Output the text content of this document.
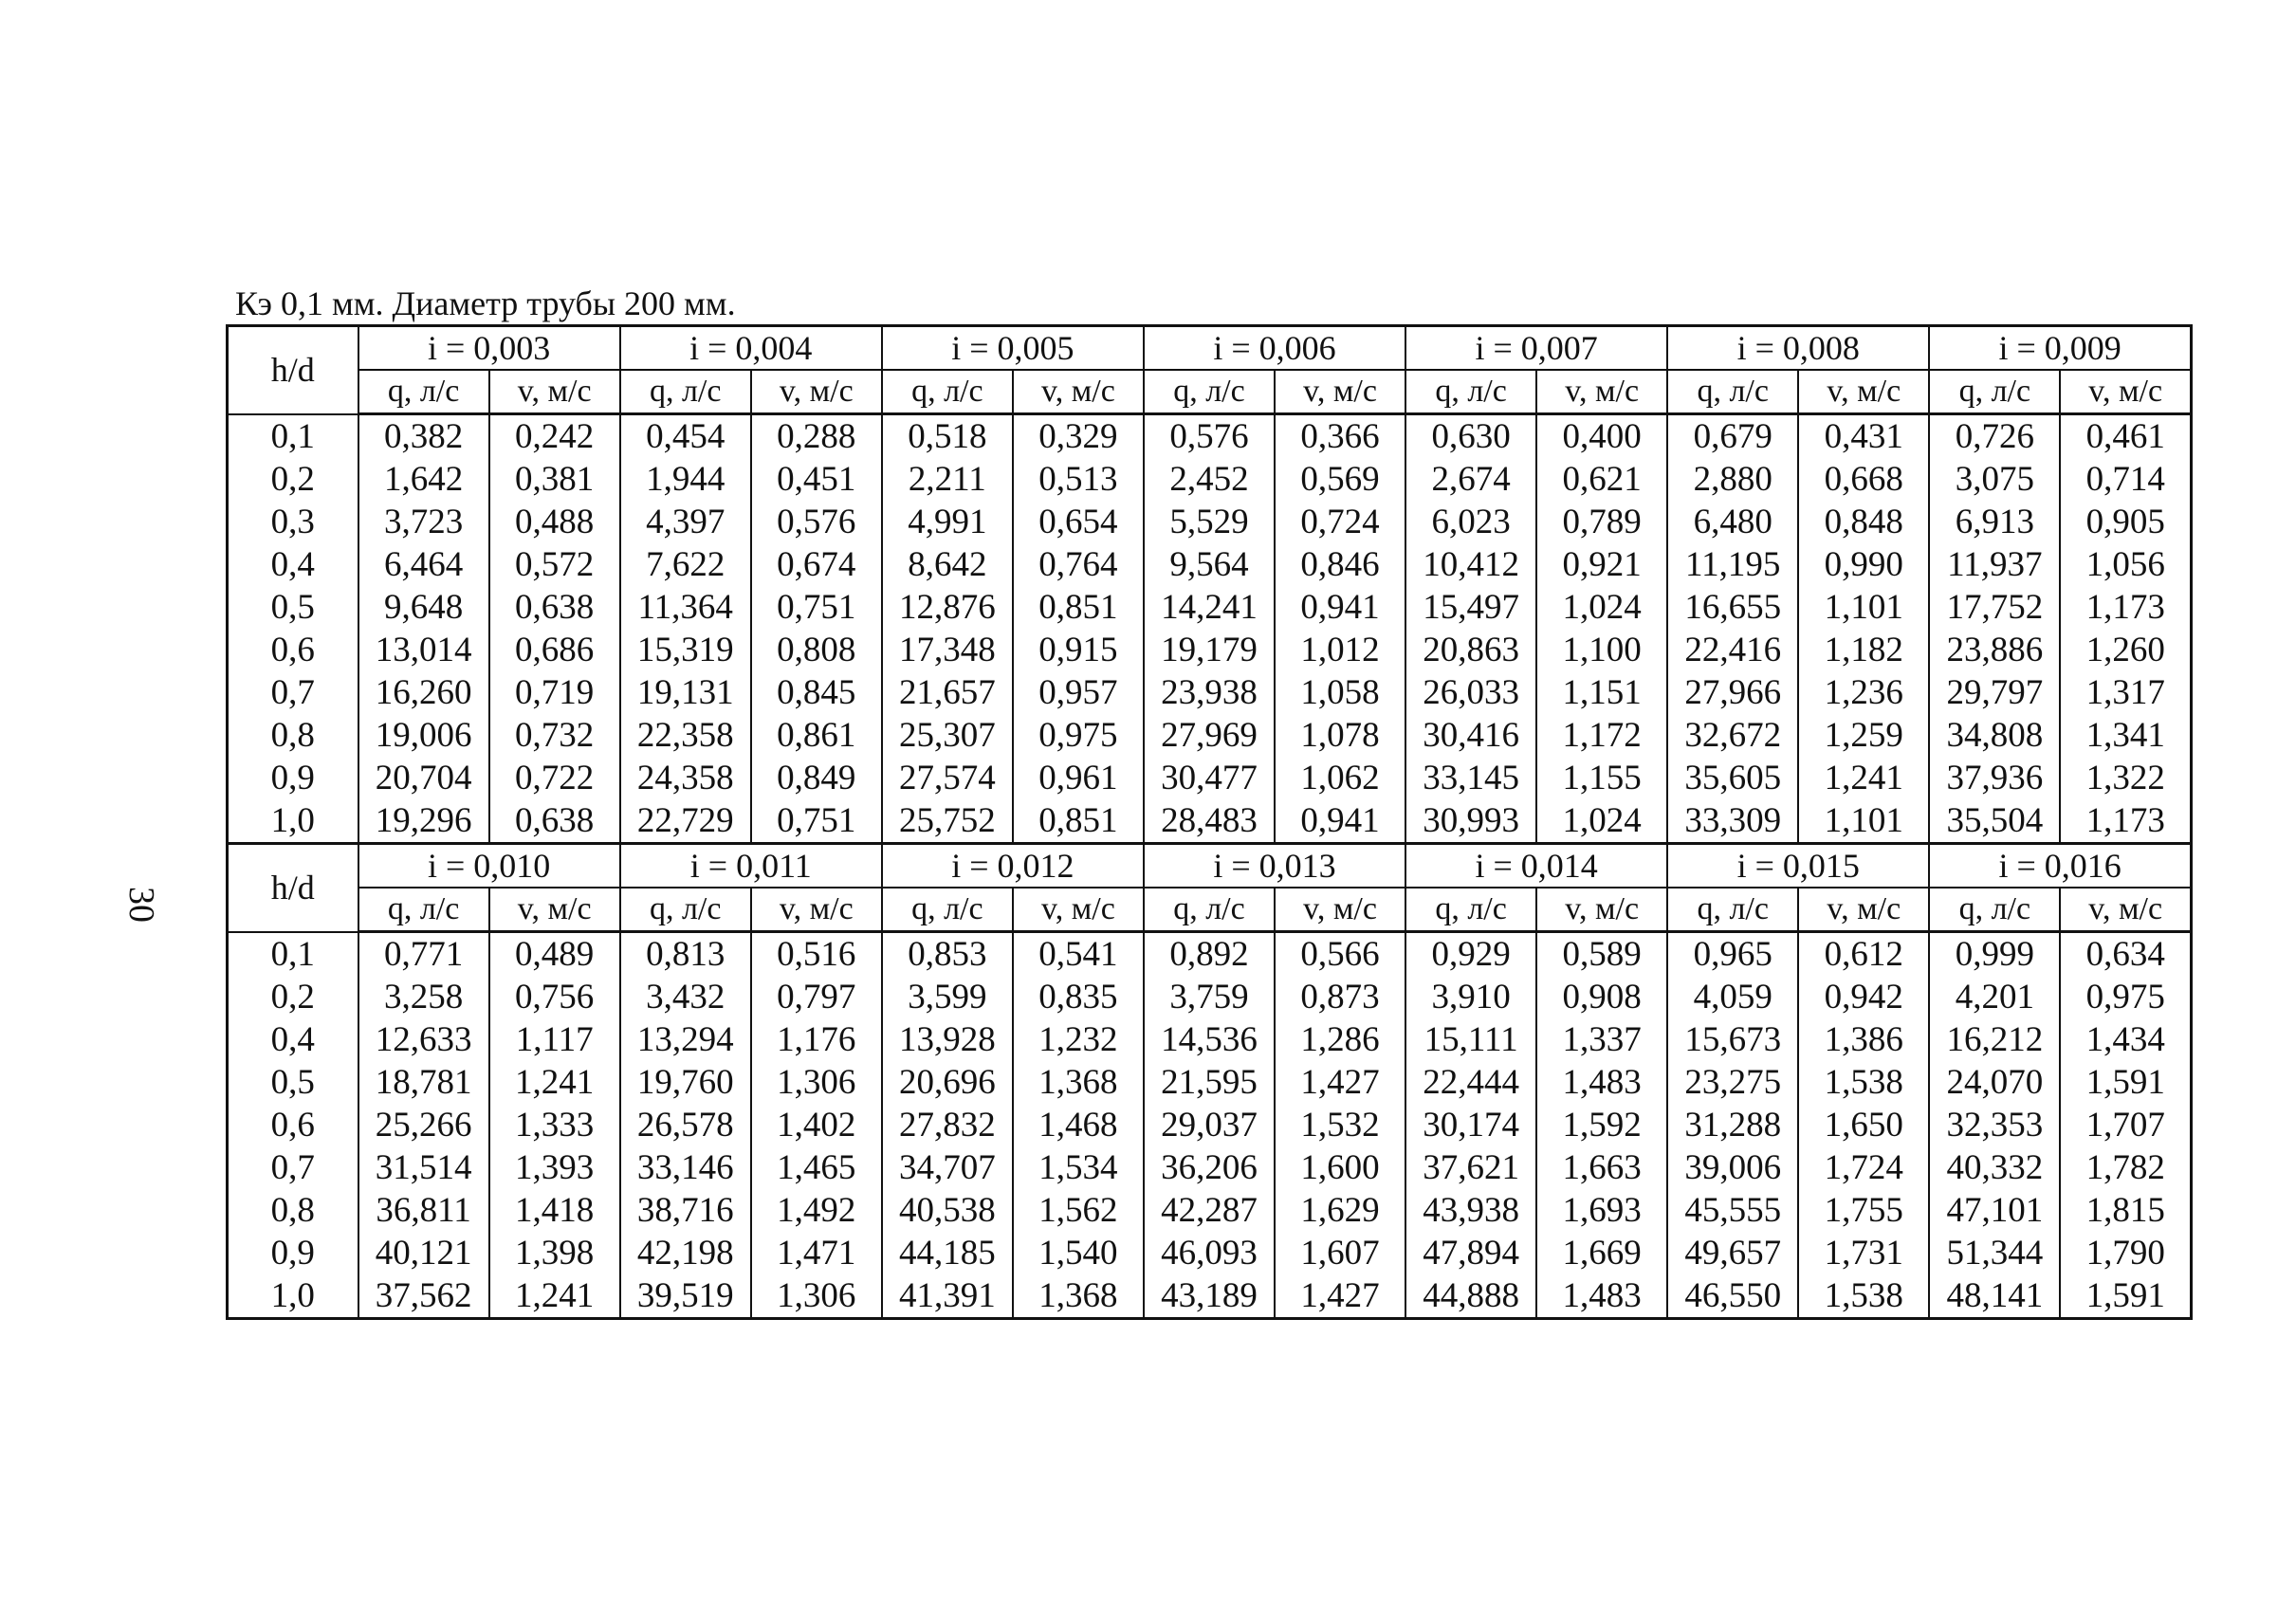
Кэ 0,1 мм. Диаметр трубы 200 мм.
30
h/d	i = 0,003		i = 0,004		i = 0,005		i = 0,006		i = 0,007		i = 0,008		i = 0,009	
	q, л/с	v, м/с	q, л/с	v, м/с	q, л/с	v, м/с	q, л/с	v, м/с	q, л/с	v, м/с	q, л/с	v, м/с	q, л/с	v, м/с
0,1	0,382	0,242	0,454	0,288	0,518	0,329	0,576	0,366	0,630	0,400	0,679	0,431	0,726	0,461
0,2	1,642	0,381	1,944	0,451	2,211	0,513	2,452	0,569	2,674	0,621	2,880	0,668	3,075	0,714
0,3	3,723	0,488	4,397	0,576	4,991	0,654	5,529	0,724	6,023	0,789	6,480	0,848	6,913	0,905
0,4	6,464	0,572	7,622	0,674	8,642	0,764	9,564	0,846	10,412	0,921	11,195	0,990	11,937	1,056
0,5	9,648	0,638	11,364	0,751	12,876	0,851	14,241	0,941	15,497	1,024	16,655	1,101	17,752	1,173
0,6	13,014	0,686	15,319	0,808	17,348	0,915	19,179	1,012	20,863	1,100	22,416	1,182	23,886	1,260
0,7	16,260	0,719	19,131	0,845	21,657	0,957	23,938	1,058	26,033	1,151	27,966	1,236	29,797	1,317
0,8	19,006	0,732	22,358	0,861	25,307	0,975	27,969	1,078	30,416	1,172	32,672	1,259	34,808	1,341
0,9	20,704	0,722	24,358	0,849	27,574	0,961	30,477	1,062	33,145	1,155	35,605	1,241	37,936	1,322
1,0	19,296	0,638	22,729	0,751	25,752	0,851	28,483	0,941	30,993	1,024	33,309	1,101	35,504	1,173
h/d	i = 0,010		i = 0,011		i = 0,012		i = 0,013		i = 0,014		i = 0,015		i = 0,016	
	q, л/с	v, м/с	q, л/с	v, м/с	q, л/с	v, м/с	q, л/с	v, м/с	q, л/с	v, м/с	q, л/с	v, м/с	q, л/с	v, м/с
0,1	0,771	0,489	0,813	0,516	0,853	0,541	0,892	0,566	0,929	0,589	0,965	0,612	0,999	0,634
0,2	3,258	0,756	3,432	0,797	3,599	0,835	3,759	0,873	3,910	0,908	4,059	0,942	4,201	0,975
0,4	12,633	1,117	13,294	1,176	13,928	1,232	14,536	1,286	15,111	1,337	15,673	1,386	16,212	1,434
0,5	18,781	1,241	19,760	1,306	20,696	1,368	21,595	1,427	22,444	1,483	23,275	1,538	24,070	1,591
0,6	25,266	1,333	26,578	1,402	27,832	1,468	29,037	1,532	30,174	1,592	31,288	1,650	32,353	1,707
0,7	31,514	1,393	33,146	1,465	34,707	1,534	36,206	1,600	37,621	1,663	39,006	1,724	40,332	1,782
0,8	36,811	1,418	38,716	1,492	40,538	1,562	42,287	1,629	43,938	1,693	45,555	1,755	47,101	1,815
0,9	40,121	1,398	42,198	1,471	44,185	1,540	46,093	1,607	47,894	1,669	49,657	1,731	51,344	1,790
1,0	37,562	1,241	39,519	1,306	41,391	1,368	43,189	1,427	44,888	1,483	46,550	1,538	48,141	1,591
